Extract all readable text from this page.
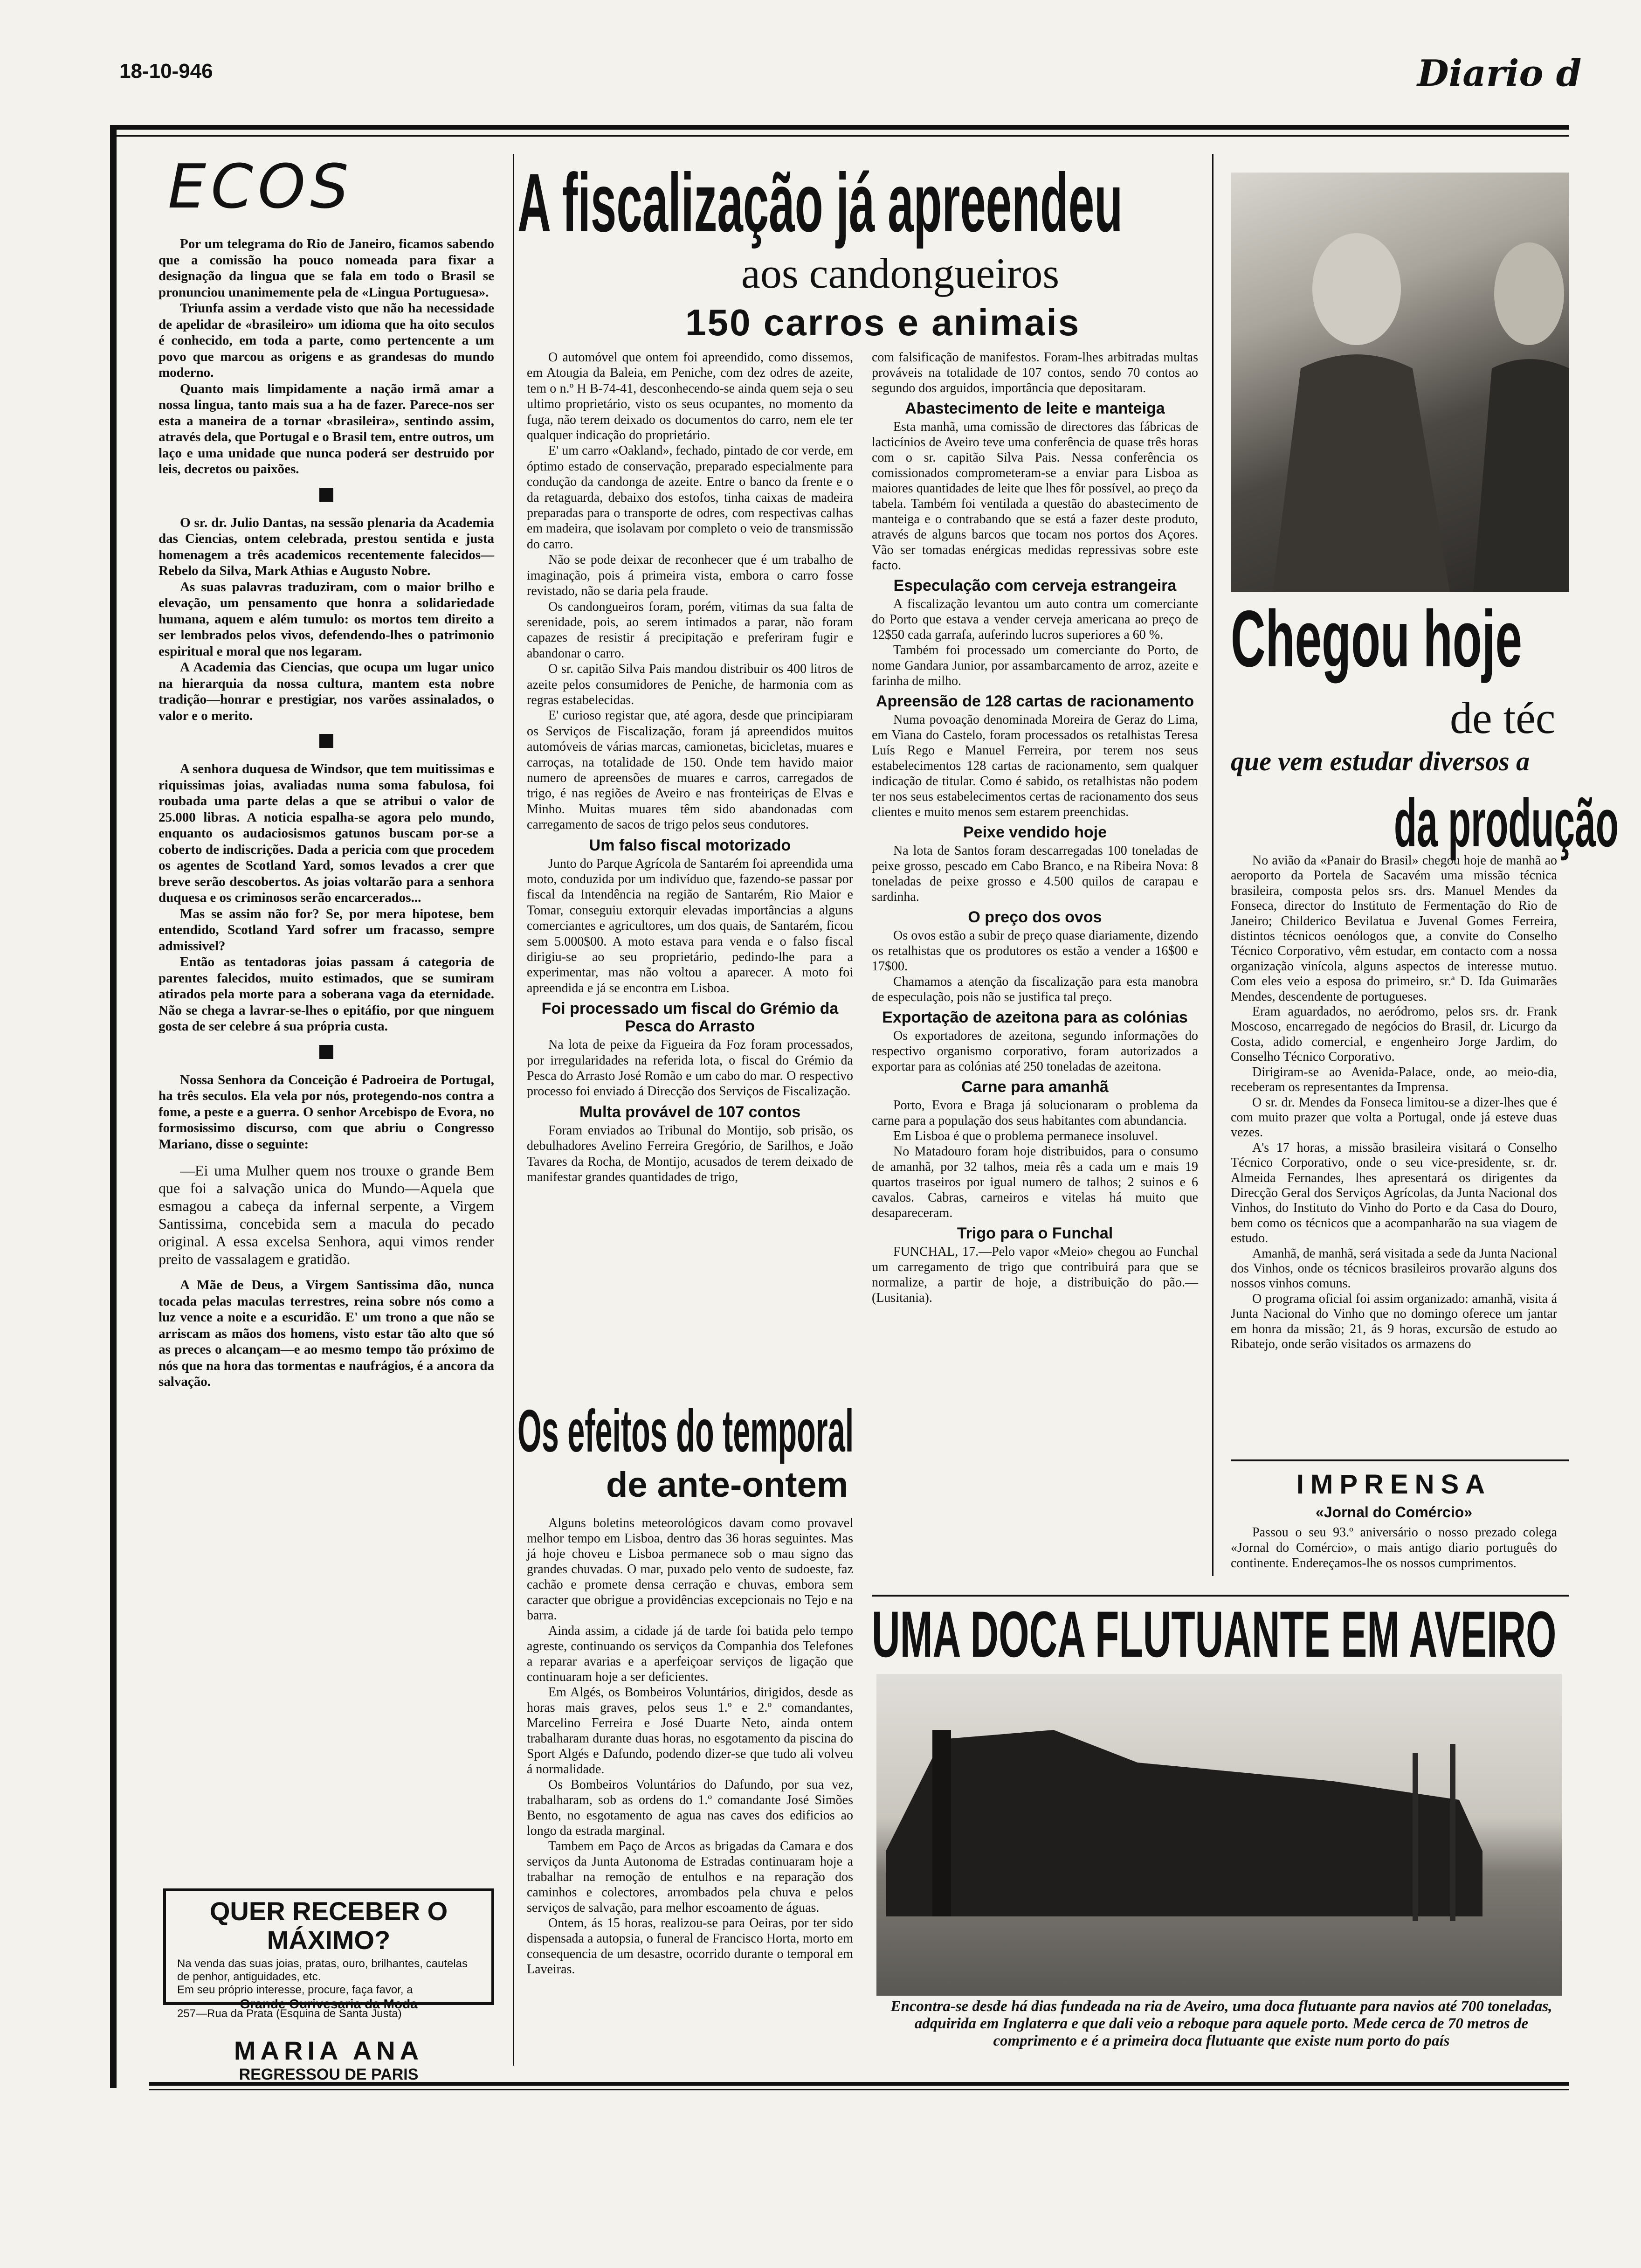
18-10-946	Diario d
ECOS

Por um telegrama do Rio de Janeiro, ficamos sabendo que a comissão ha pouco nomeada para fixar a designação da lingua que se fala em todo o Brasil se pronunciou unanimemente pela de «Lingua Portuguesa».

Triunfa assim a verdade visto que não ha necessidade de apelidar de «brasileiro» um idioma que ha oito seculos é conhecido, em toda a parte, como pertencente a um povo que marcou as origens e as grandesas do mundo moderno.

Quanto mais limpidamente a nação irmã amar a nossa lingua, tanto mais sua a ha de fazer. Parece-nos ser esta a maneira de a tornar «brasileira», sentindo assim, através dela, que Portugal e o Brasil tem, entre outros, um laço e uma unidade que nunca poderá ser destruido por leis, decretos ou paixões.

O sr. dr. Julio Dantas, na sessão plenaria da Academia das Ciencias, ontem celebrada, prestou sentida e justa homenagem a três academicos recentemente falecidos—Rebelo da Silva, Mark Athias e Augusto Nobre.

As suas palavras traduziram, com o maior brilho e elevação, um pensamento que honra a solidariedade humana, aquem e além tumulo: os mortos tem direito a ser lembrados pelos vivos, defendendo-lhes o patrimonio espiritual e moral que nos legaram.

A Academia das Ciencias, que ocupa um lugar unico na hierarquia da nossa cultura, mantem esta nobre tradição—honrar e prestigiar, nos varões assinalados, o valor e o merito.

A senhora duquesa de Windsor, que tem muitissimas e riquissimas joias, avaliadas numa soma fabulosa, foi roubada uma parte delas a que se atribui o valor de 25.000 libras. A noticia espalha-se agora pelo mundo, enquanto os audaciosismos gatunos buscam por-se a coberto de indiscrições. Dada a pericia com que procedem os agentes de Scotland Yard, somos levados a crer que breve serão descobertos. As joias voltarão para a senhora duquesa e os criminosos serão encarcerados...

Mas se assim não for? Se, por mera hipotese, bem entendido, Scotland Yard sofrer um fracasso, sempre admissivel?

Então as tentadoras joias passam á categoria de parentes falecidos, muito estimados, que se sumiram atirados pela morte para a soberana vaga da eternidade. Não se chega a lavrar-se-lhes o epitáfio, por que ninguem gosta de ser celebre á sua própria custa.

Nossa Senhora da Conceição é Padroeira de Portugal, ha três seculos. Ela vela por nós, protegendo-nos contra a fome, a peste e a guerra. O senhor Arcebispo de Evora, no formosissimo discurso, com que abriu o Congresso Mariano, disse o seguinte:

—Ei uma Mulher quem nos trouxe o grande Bem que foi a salvação unica do Mundo—Aquela que esmagou a cabeça da infernal serpente, a Virgem Santissima, concebida sem a macula do pecado original. A essa excelsa Senhora, aqui vimos render preito de vassalagem e gratidão.

A Mãe de Deus, a Virgem Santissima dão, nunca tocada pelas maculas terrestres, reina sobre nós como a luz vence a noite e a escuridão. E' um trono a que não se arriscam as mãos dos homens, visto estar tão alto que só as preces o alcançam—e ao mesmo tempo tão próximo de nós que na hora das tormentas e naufrágios, é a ancora da salvação.

QUER RECEBER O MÁXIMO?
Na venda das suas joias, pratas, ouro, brilhantes, cautelas de penhor, antiguidades, etc.
Em seu próprio interesse, procure, faça favor, a
Grande Ourivesaria da Moda
257—Rua da Prata (Esquina de Santa Justa)
MARIA ANA
REGRESSOU DE PARIS
A fiscalização já apreendeu
aos candongueiros
150 carros e animais

O automóvel que ontem foi apreendido, como dissemos, em Atougia da Baleia, em Peniche, com dez odres de azeite, tem o n.º H B-74-41, desconhecendo-se ainda quem seja o seu ultimo proprietário, visto os seus ocupantes, no momento da fuga, não terem deixado os documentos do carro, nem ele ter qualquer indicação do proprietário.

E' um carro «Oakland», fechado, pintado de cor verde, em óptimo estado de conservação, preparado especialmente para condução da candonga de azeite. Entre o banco da frente e o da retaguarda, debaixo dos estofos, tinha caixas de madeira preparadas para o transporte de odres, com respectivas calhas em madeira, que isolavam por completo o veio de transmissão do carro.

Não se pode deixar de reconhecer que é um trabalho de imaginação, pois á primeira vista, embora o carro fosse revistado, não se daria pela fraude.

Os candongueiros foram, porém, vitimas da sua falta de serenidade, pois, ao serem intimados a parar, não foram capazes de resistir á precipitação e preferiram fugir e abandonar o carro.

O sr. capitão Silva Pais mandou distribuir os 400 litros de azeite pelos consumidores de Peniche, de harmonia com as regras estabelecidas.

E' curioso registar que, até agora, desde que principiaram os Serviços de Fiscalização, foram já apreendidos muitos automóveis de várias marcas, camionetas, bicicletas, muares e carroças, na totalidade de 150. Onde tem havido maior numero de apreensões de muares e carros, carregados de trigo, é nas regiões de Aveiro e nas fronteiriças de Elvas e Minho. Muitas muares têm sido abandonadas com carregamento de sacos de trigo pelos seus condutores.

Um falso fiscal motorizado

Junto do Parque Agrícola de Santarém foi apreendida uma moto, conduzida por um indivíduo que, fazendo-se passar por fiscal da Intendência na região de Santarém, Rio Maior e Tomar, conseguiu extorquir elevadas importâncias a alguns comerciantes e agricultores, um dos quais, de Santarém, ficou sem 5.000$00. A moto estava para venda e o falso fiscal dirigiu-se ao seu proprietário, pedindo-lhe para a experimentar, mas não voltou a aparecer. A moto foi apreendida e já se encontra em Lisboa.

Foi processado um fiscal do Grémio da Pesca do Arrasto

Na lota de peixe da Figueira da Foz foram processados, por irregularidades na referida lota, o fiscal do Grémio da Pesca do Arrasto José Romão e um cabo do mar. O respectivo processo foi enviado á Direcção dos Serviços de Fiscalização.

Multa provável de 107 contos

Foram enviados ao Tribunal do Montijo, sob prisão, os debulhadores Avelino Ferreira Gregório, de Sarilhos, e João Tavares da Rocha, de Montijo, acusados de terem deixado de manifestar grandes quantidades de trigo,

com falsificação de manifestos. Foram-lhes arbitradas multas prováveis na totalidade de 107 contos, sendo 70 contos ao segundo dos arguidos, importância que depositaram.

Abastecimento de leite e manteiga

Esta manhã, uma comissão de directores das fábricas de lacticínios de Aveiro teve uma conferência de quase três horas com o sr. capitão Silva Pais. Nessa conferência os comissionados comprometeram-se a enviar para Lisboa as maiores quantidades de leite que lhes fôr possível, ao preço da tabela. Também foi ventilada a questão do abastecimento de manteiga e o contrabando que se está a fazer deste produto, através de alguns barcos que tocam nos portos dos Açores. Vão ser tomadas enérgicas medidas repressivas sobre este facto.

Especulação com cerveja estrangeira

A fiscalização levantou um auto contra um comerciante do Porto que estava a vender cerveja americana ao preço de 12$50 cada garrafa, auferindo lucros superiores a 60 %.

Também foi processado um comerciante do Porto, de nome Gandara Junior, por assambarcamento de arroz, azeite e farinha de milho.

Apreensão de 128 cartas de racionamento

Numa povoação denominada Moreira de Geraz do Lima, em Viana do Castelo, foram processados os retalhistas Teresa Luís Rego e Manuel Ferreira, por terem nos seus estabelecimentos 128 cartas de racionamento, sem qualquer indicação de titular. Como é sabido, os retalhistas não podem ter nos seus estabelecimentos certas de racionamento dos seus clientes e muito menos sem estarem preenchidas.

Peixe vendido hoje

Na lota de Santos foram descarregadas 100 toneladas de peixe grosso, pescado em Cabo Branco, e na Ribeira Nova: 8 toneladas de peixe grosso e 4.500 quilos de carapau e sardinha.

O preço dos ovos

Os ovos estão a subir de preço quase diariamente, dizendo os retalhistas que os produtores os estão a vender a 16$00 e 17$00.

Chamamos a atenção da fiscalização para esta manobra de especulação, pois não se justifica tal preço.

Exportação de azeitona para as colónias

Os exportadores de azeitona, segundo informações do respectivo organismo corporativo, foram autorizados a exportar para as colónias até 250 toneladas de azeitona.

Carne para amanhã

Porto, Evora e Braga já solucionaram o problema da carne para a população dos seus habitantes com abundancia.

Em Lisboa é que o problema permanece insoluvel.

No Matadouro foram hoje distribuidos, para o consumo de amanhã, por 32 talhos, meia rês a cada um e mais 19 quartos traseiros por igual numero de talhos; 2 suinos e 6 cavalos. Cabras, carneiros e vitelas há muito que desapareceram.

Trigo para o Funchal

FUNCHAL, 17.—Pelo vapor «Meio» chegou ao Funchal um carregamento de trigo que contribuirá para que se normalize, a partir de hoje, a distribuição do pão.—(Lusitania).

Os efeitos do temporal
de ante-ontem

Alguns boletins meteorológicos davam como provavel melhor tempo em Lisboa, dentro das 36 horas seguintes. Mas já hoje choveu e Lisboa permanece sob o mau signo das grandes chuvadas. O mar, puxado pelo vento de sudoeste, faz cachão e promete densa cerração e chuvas, embora sem caracter que obrigue a providências excepcionais no Tejo e na barra.

Ainda assim, a cidade já de tarde foi batida pelo tempo agreste, continuando os serviços da Companhia dos Telefones a reparar avarias e a aperfeiçoar serviços de ligação que continuaram hoje a ser deficientes.

Em Algés, os Bombeiros Voluntários, dirigidos, desde as horas mais graves, pelos seus 1.º e 2.º comandantes, Marcelino Ferreira e José Duarte Neto, ainda ontem trabalharam durante duas horas, no esgotamento da piscina do Sport Algés e Dafundo, podendo dizer-se que tudo ali volveu á normalidade.

Os Bombeiros Voluntários do Dafundo, por sua vez, trabalharam, sob as ordens do 1.º comandante José Simões Bento, no esgotamento de agua nas caves dos edificios ao longo da estrada marginal.

Tambem em Paço de Arcos as brigadas da Camara e dos serviços da Junta Autonoma de Estradas continuaram hoje a trabalhar na remoção de entulhos e na reparação dos caminhos e colectores, arrombados pela chuva e pelos serviços de salvação, para melhor escoamento de águas.

Ontem, ás 15 horas, realizou-se para Oeiras, por ter sido dispensada a autopsia, o funeral de Francisco Horta, morto em consequencia de um desastre, ocorrido durante o temporal em Laveiras.

Chegou hoje
de téc
que vem estudar diversos a
da produção

No avião da «Panair do Brasil» chegou hoje de manhã ao aeroporto da Portela de Sacavém uma missão técnica brasileira, composta pelos srs. drs. Manuel Mendes da Fonseca, director do Instituto de Fermentação do Rio de Janeiro; Childerico Bevilatua e Juvenal Gomes Ferreira, distintos técnicos oenólogos que, a convite do Conselho Técnico Corporativo, vêm estudar, em contacto com a nossa organização vinícola, alguns aspectos de interesse mutuo. Com eles veio a esposa do primeiro, sr.ª D. Ida Guimarães Mendes, descendente de portugueses.

Eram aguardados, no aeródromo, pelos srs. dr. Frank Moscoso, encarregado de negócios do Brasil, dr. Licurgo da Costa, adido comercial, e engenheiro Jorge Jardim, do Conselho Técnico Corporativo.

Dirigiram-se ao Avenida-Palace, onde, ao meio-dia, receberam os representantes da Imprensa.

O sr. dr. Mendes da Fonseca limitou-se a dizer-lhes que é com muito prazer que volta a Portugal, onde já esteve duas vezes.

A's 17 horas, a missão brasileira visitará o Conselho Técnico Corporativo, onde o seu vice-presidente, sr. dr. Almeida Fernandes, lhes apresentará os dirigentes da Direcção Geral dos Serviços Agrícolas, da Junta Nacional dos Vinhos, do Instituto do Vinho do Porto e da Casa do Douro, bem como os técnicos que a acompanharão na sua viagem de estudo.

Amanhã, de manhã, será visitada a sede da Junta Nacional dos Vinhos, onde os técnicos brasileiros provarão alguns dos nossos vinhos comuns.

O programa oficial foi assim organizado: amanhã, visita á Junta Nacional do Vinho que no domingo oferece um jantar em honra da missão; 21, ás 9 horas, excursão de estudo ao Ribatejo, onde serão visitados os armazens do

IMPRENSA
«Jornal do Comércio»

Passou o seu 93.º aniversário o nosso prezado colega «Jornal do Comércio», o mais antigo diario português do continente. Endereçamos-lhe os nossos cumprimentos.

UMA DOCA FLUTUANTE EM AVEIRO
Encontra-se desde há dias fundeada na ria de Aveiro, uma doca flutuante para navios até 700 toneladas, adquirida em Inglaterra e que dali veio a reboque para aquele porto. Mede cerca de 70 metros de comprimento e é a primeira doca flutuante que existe num porto do país
